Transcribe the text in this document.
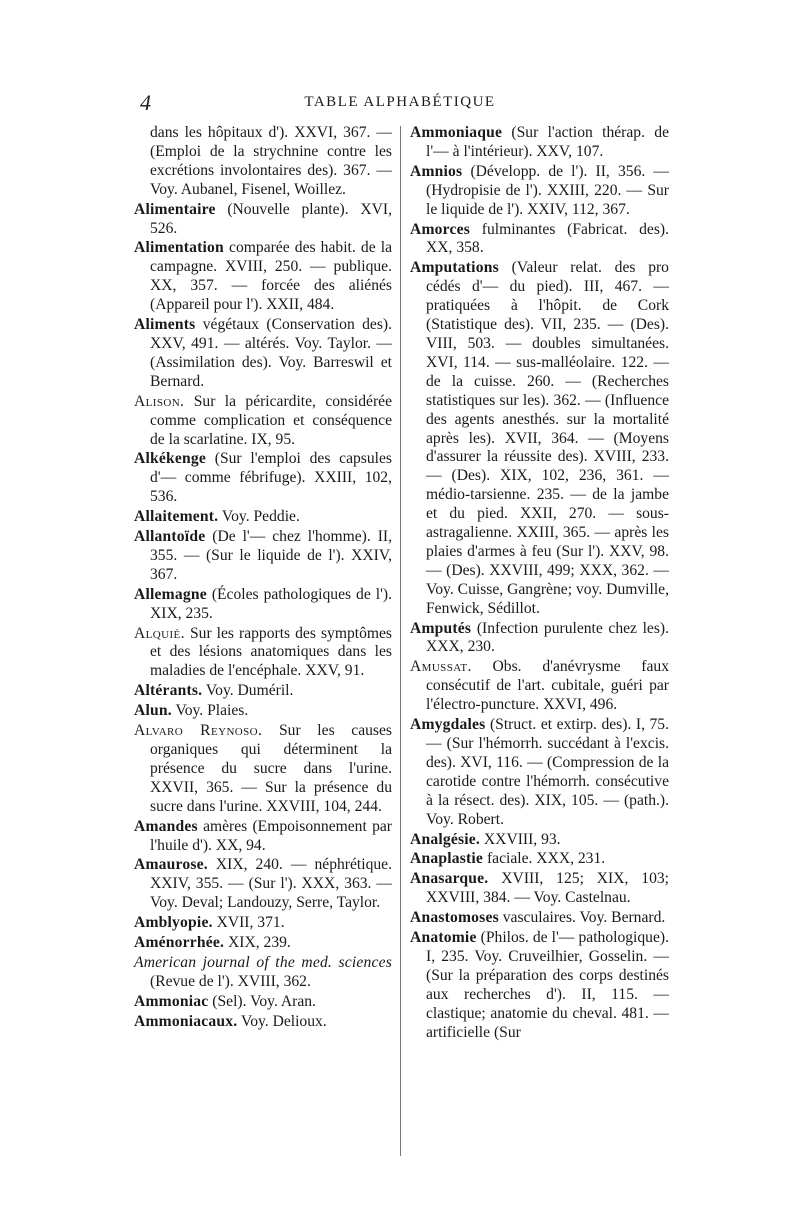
4	TABLE ALPHABÉTIQUE

dans les hôpitaux d'). XXVI, 367. — (Emploi de la strychnine contre les excrétions involontaires des). 367. — Voy. Aubanel, Fisenel, Woillez.

Alimentaire (Nouvelle plante). XVI, 526.

Alimentation comparée des habit. de la campagne. XVIII, 250. — publique. XX, 357. — forcée des aliénés (Appareil pour l'). XXII, 484.

Aliments végétaux (Conservation des). XXV, 491. — altérés. Voy. Taylor. — (Assimilation des). Voy. Barreswil et Bernard.

Alison. Sur la péricardite, considérée comme complication et conséquence de la scarlatine. IX, 95.

Alkékenge (Sur l'emploi des capsules d'— comme fébrifuge). XXIII, 102, 536.

Allaitement. Voy. Peddie.

Allantoïde (De l'— chez l'homme). II, 355. — (Sur le liquide de l'). XXIV, 367.

Allemagne (Écoles pathologiques de l'). XIX, 235.

Alquié. Sur les rapports des symptômes et des lésions anatomiques dans les maladies de l'encéphale. XXV, 91.

Altérants. Voy. Duméril.

Alun. Voy. Plaies.

Alvaro Reynoso. Sur les causes organiques qui déterminent la présence du sucre dans l'urine. XXVII, 365. — Sur la présence du sucre dans l'urine. XXVIII, 104, 244.

Amandes amères (Empoisonnement par l'huile d'). XX, 94.

Amaurose. XIX, 240. — néphrétique. XXIV, 355. — (Sur l'). XXX, 363. — Voy. Deval; Landouzy, Serre, Taylor.

Amblyopie. XVII, 371.

Aménorrhée. XIX, 239.

American journal of the med. sciences (Revue de l'). XVIII, 362.

Ammoniac (Sel). Voy. Aran.

Ammoniacaux. Voy. Delioux.

Ammoniaque (Sur l'action thérap. de l'— à l'intérieur). XXV, 107.

Amnios (Développ. de l'). II, 356. — (Hydropisie de l'). XXIII, 220. — Sur le liquide de l'). XXIV, 112, 367.

Amorces fulminantes (Fabricat. des). XX, 358.

Amputations (Valeur relat. des pro cédés d'— du pied). III, 467. — pratiquées à l'hôpit. de Cork (Statistique des). VII, 235. — (Des). VIII, 503. — doubles simultanées. XVI, 114. — sus-malléolaire. 122. — de la cuisse. 260. — (Recherches statistiques sur les). 362. — (Influence des agents anesthés. sur la mortalité après les). XVII, 364. — (Moyens d'assurer la réussite des). XVIII, 233. — (Des). XIX, 102, 236, 361. — médio-tarsienne. 235. — de la jambe et du pied. XXII, 270. — sous-astragalienne. XXIII, 365. — après les plaies d'armes à feu (Sur l'). XXV, 98. — (Des). XXVIII, 499; XXX, 362. — Voy. Cuisse, Gangrène; voy. Dumville, Fenwick, Sédillot.

Amputés (Infection purulente chez les). XXX, 230.

Amussat. Obs. d'anévrysme faux consécutif de l'art. cubitale, guéri par l'électro-puncture. XXVI, 496.

Amygdales (Struct. et extirp. des). I, 75. — (Sur l'hémorrh. succédant à l'excis. des). XVI, 116. — (Compression de la carotide contre l'hémorrh. consécutive à la résect. des). XIX, 105. — (path.). Voy. Robert.

Analgésie. XXVIII, 93.

Anaplastie faciale. XXX, 231.

Anasarque. XVIII, 125; XIX, 103; XXVIII, 384. — Voy. Castelnau.

Anastomoses vasculaires. Voy. Bernard.

Anatomie (Philos. de l'— pathologique). I, 235. Voy. Cruveilhier, Gosselin. — (Sur la préparation des corps destinés aux recherches d'). II, 115. — clastique; anatomie du cheval. 481. — artificielle (Sur
